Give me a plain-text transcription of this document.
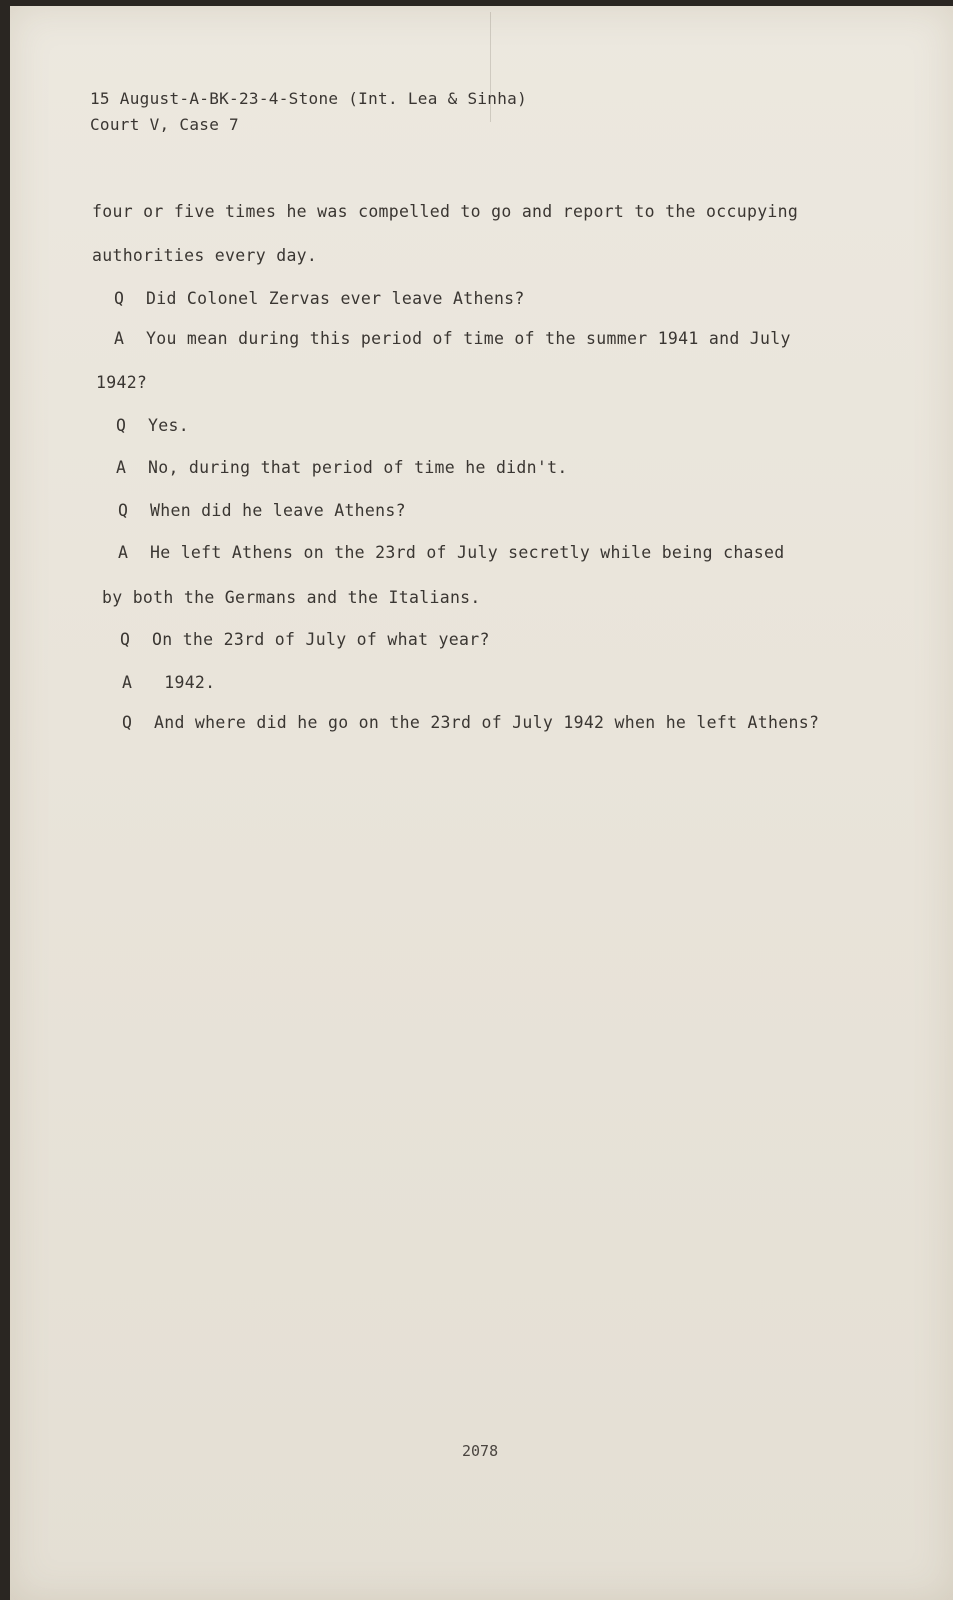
15 August-A-BK-23-4-Stone (Int. Lea & Sinha)
Court V, Case 7
four or five times he was compelled to go and report to the occupying
authorities every day.
Q Did Colonel Zervas ever leave Athens?
A You mean during this period of time of the summer 1941 and July
1942?
Q Yes.
A No, during that period of time he didn't.
Q When did he leave Athens?
A He left Athens on the 23rd of July secretly while being chased
by both the Germans and the Italians.
Q On the 23rd of July of what year?
A 1942.
Q And where did he go on the 23rd of July 1942 when he left Athens?
2078
